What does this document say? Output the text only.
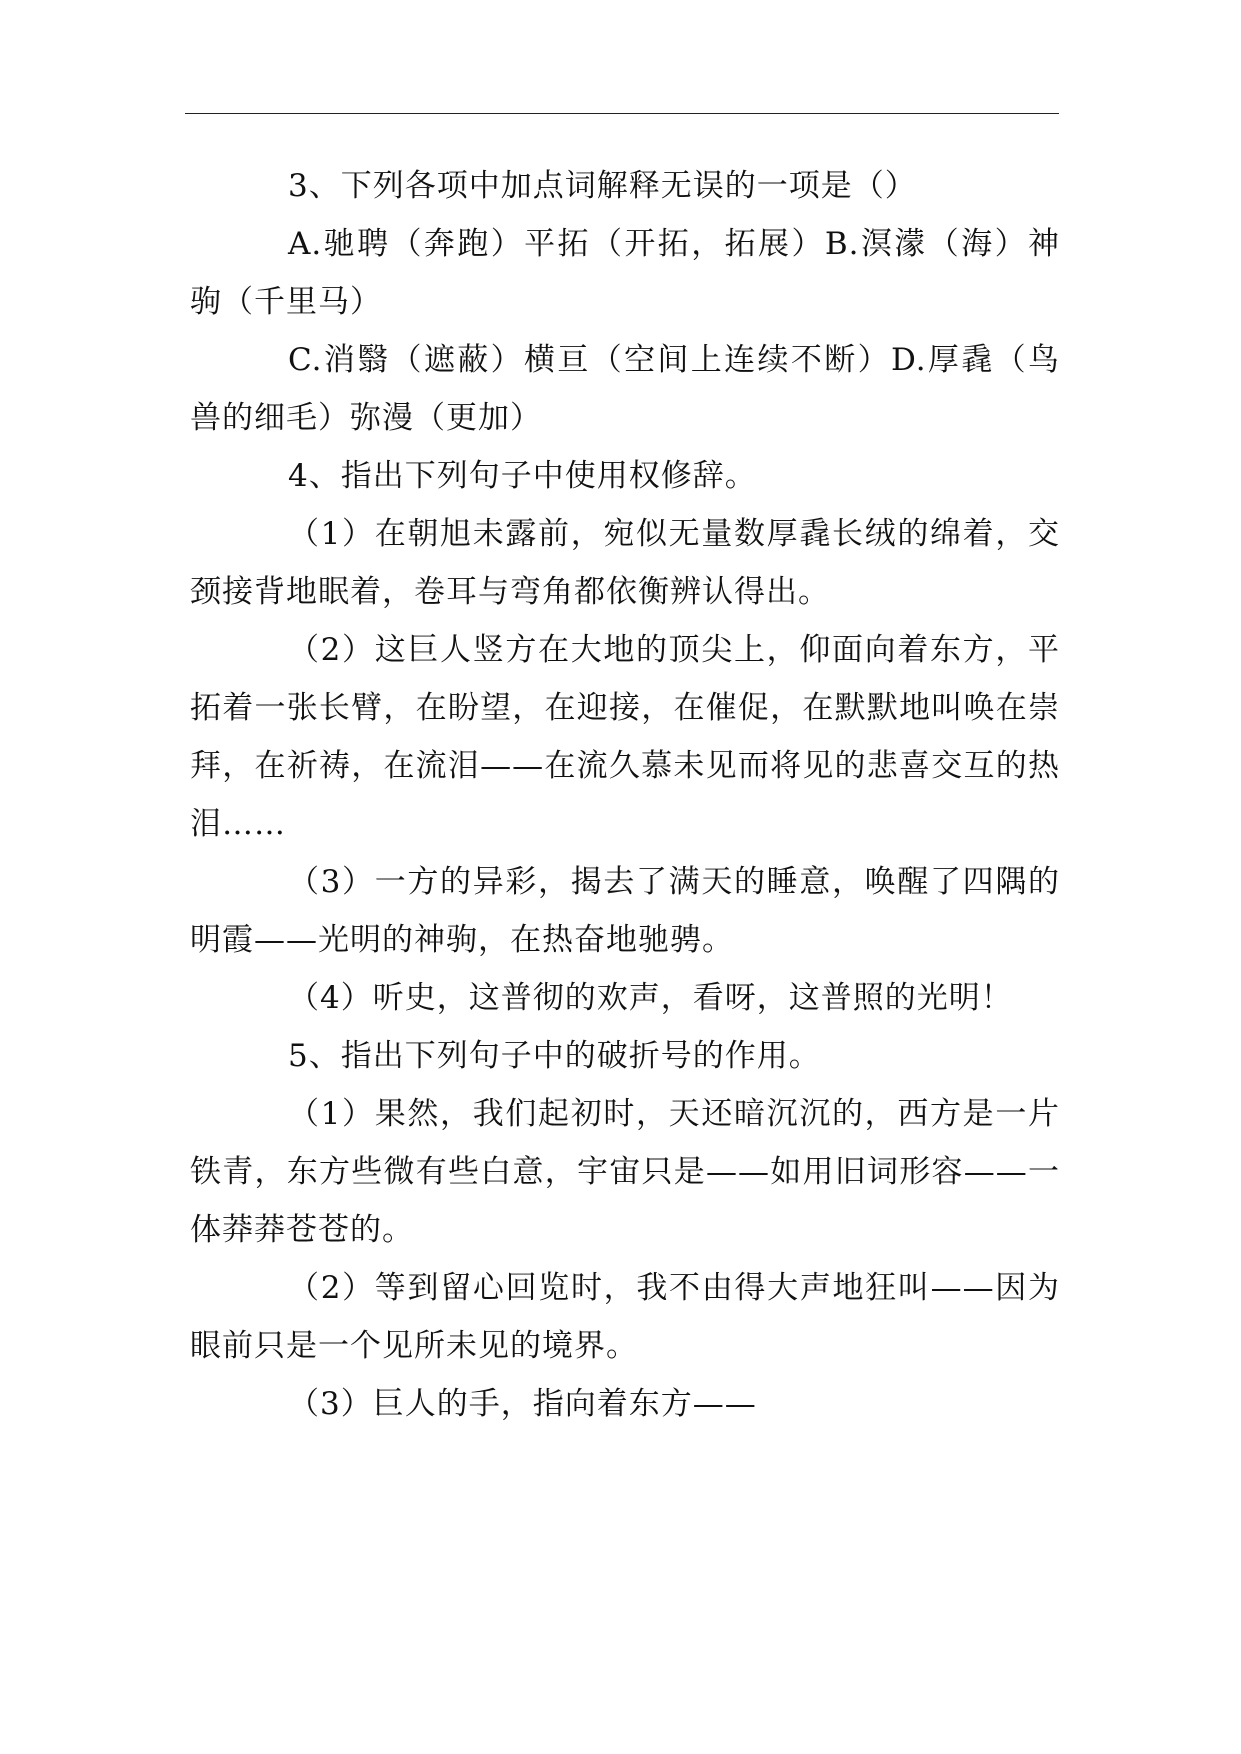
3、下列各项中加点词解释无误的一项是（）

A.驰聘（奔跑）平拓（开拓，拓展）B.溟濛（海）神驹（千里马）

C.消翳（遮蔽）横亘（空间上连续不断）D.厚毳（鸟兽的细毛）弥漫（更加）

4、指出下列句子中使用权修辞。

（1）在朝旭未露前，宛似无量数厚毳长绒的绵着，交颈接背地眠着，卷耳与弯角都依衡辨认得出。

（2）这巨人竖方在大地的顶尖上，仰面向着东方，平拓着一张长臂，在盼望，在迎接，在催促，在默默地叫唤在崇拜，在祈祷，在流泪——在流久慕未见而将见的悲喜交互的热泪……

（3）一方的异彩，揭去了满天的睡意，唤醒了四隅的明霞——光明的神驹，在热奋地驰骋。

（4）听史，这普彻的欢声，看呀，这普照的光明！

5、指出下列句子中的破折号的作用。

（1）果然，我们起初时，天还暗沉沉的，西方是一片铁青，东方些微有些白意，宇宙只是——如用旧词形容——一体莽莽苍苍的。

（2）等到留心回览时，我不由得大声地狂叫——因为眼前只是一个见所未见的境界。

（3）巨人的手，指向着东方——
